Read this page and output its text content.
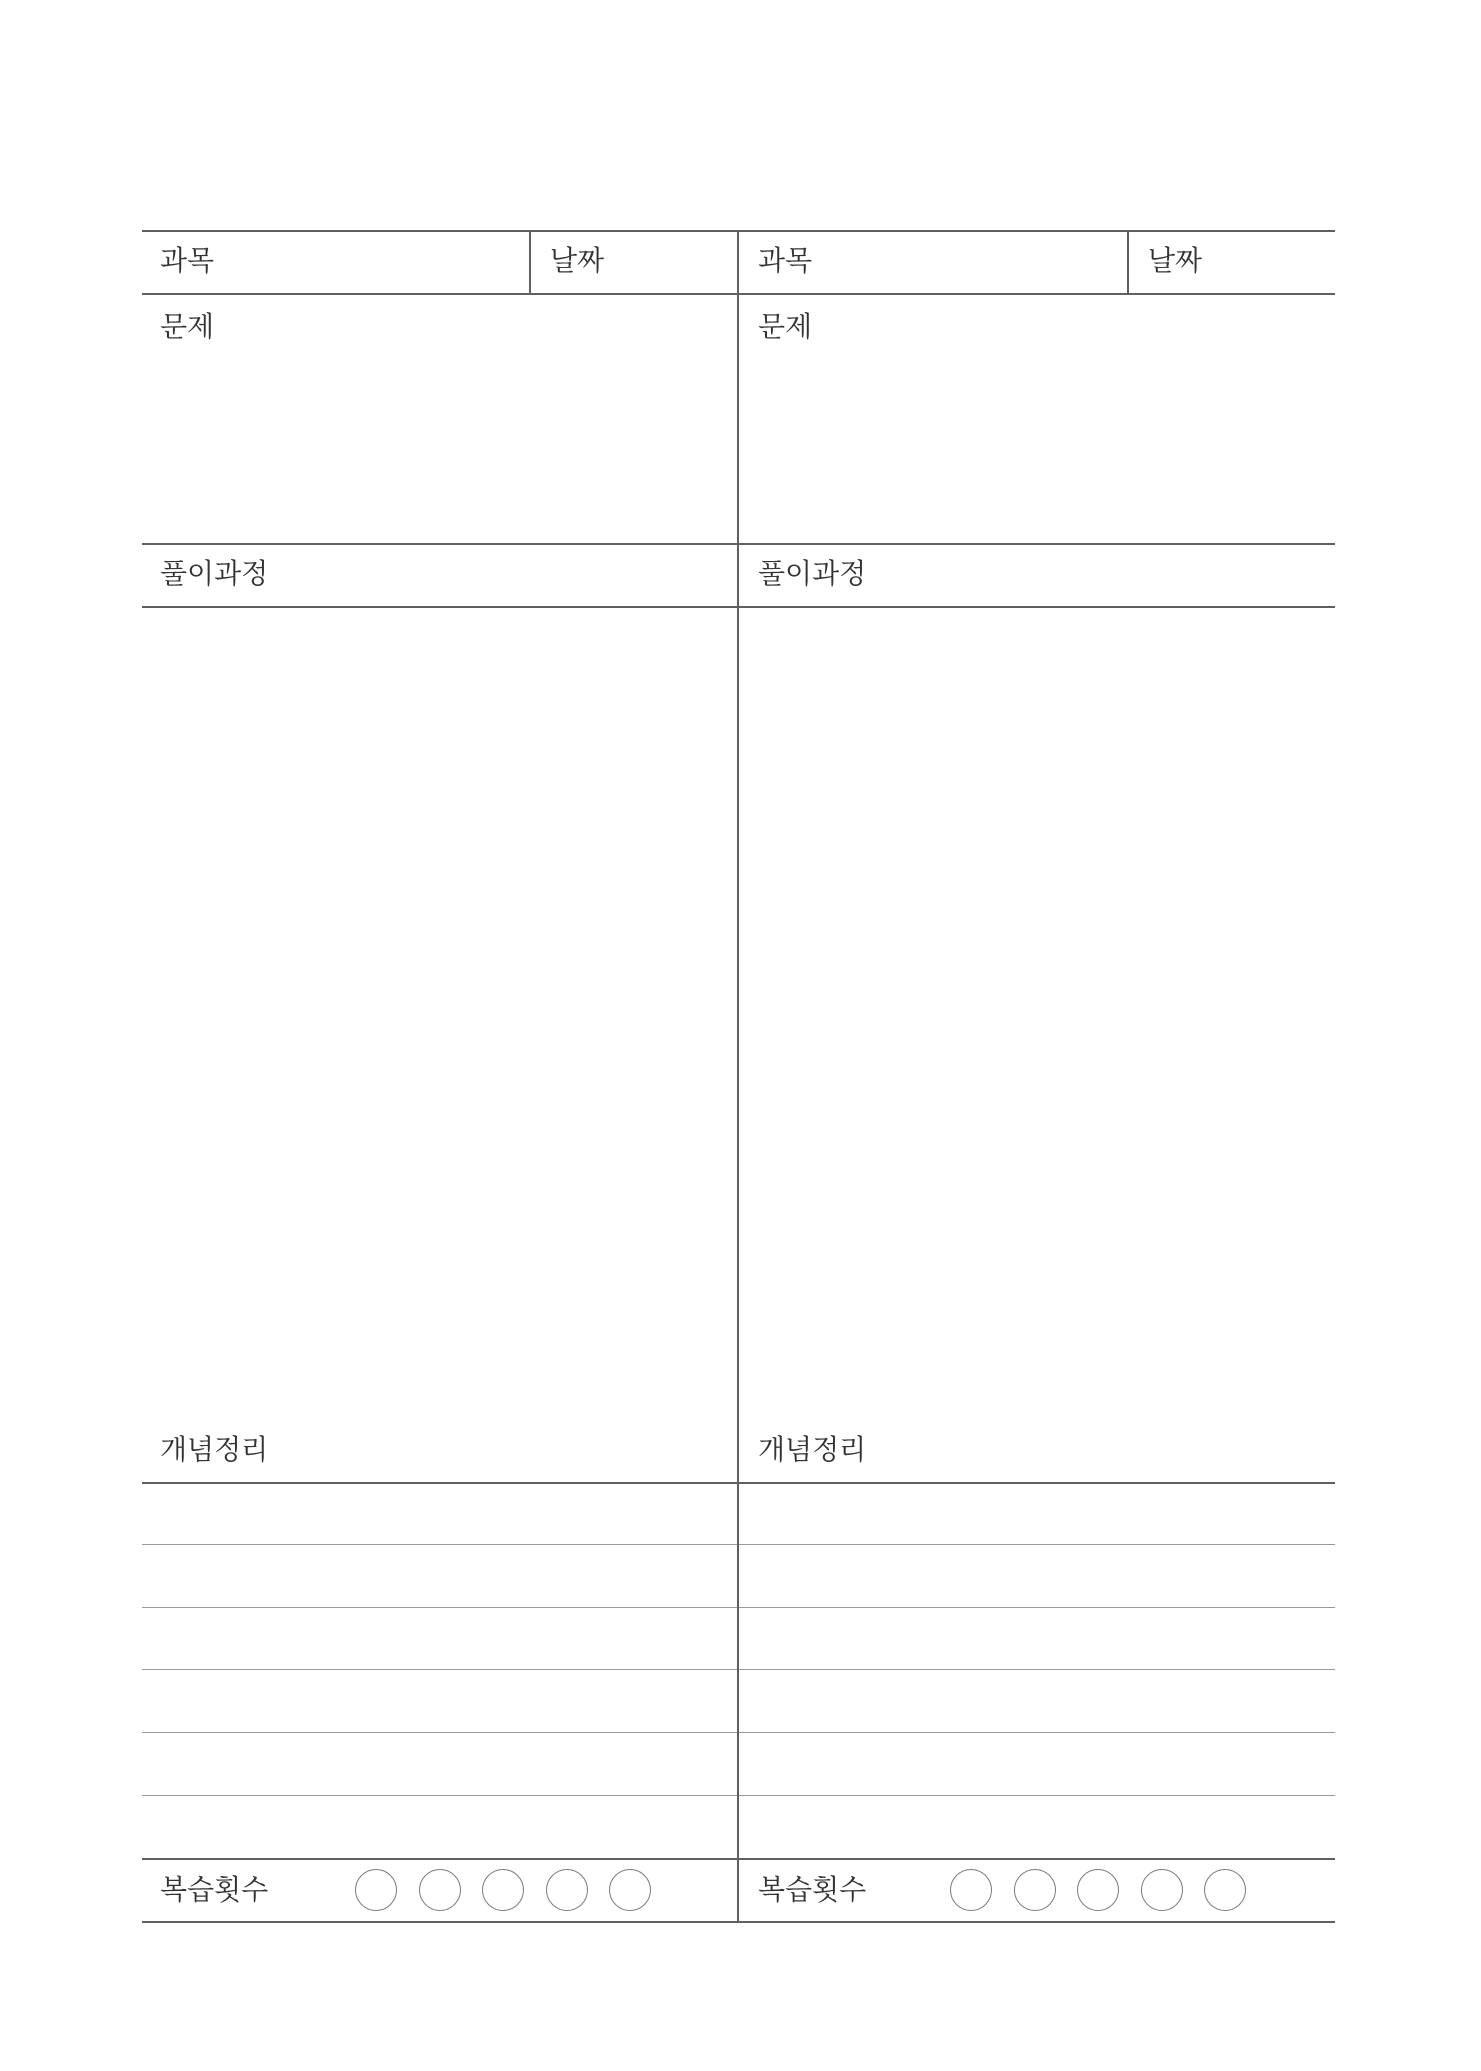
과목	날짜
문제
풀이과정
개념정리
복습횟수
과목	날짜
문제
풀이과정
개념정리
복습횟수
